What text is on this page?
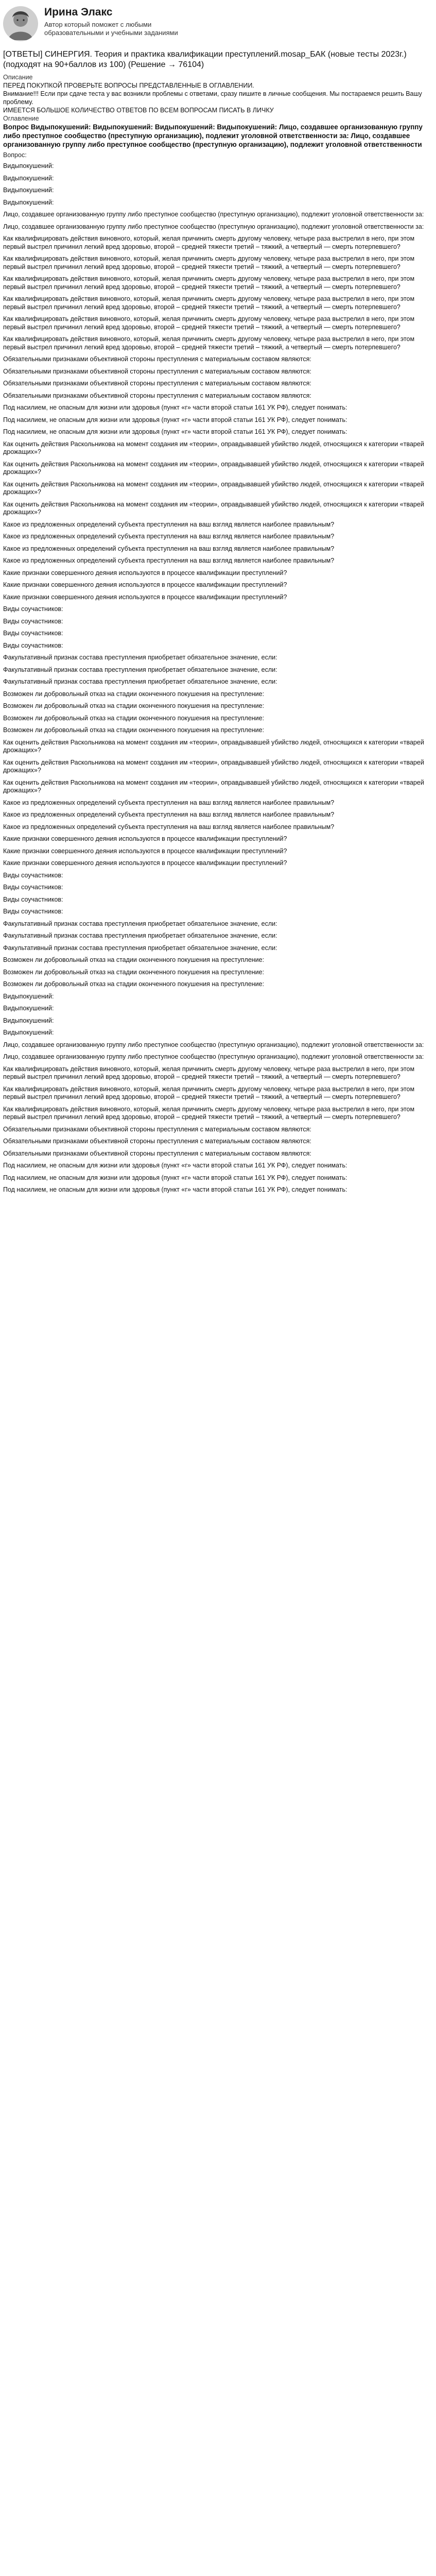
Ирина Элакс
Автор который поможет с любыми образовательными и учебными заданиями
[ОТВЕТЫ] СИНЕРГИЯ. Теория и практика квалификации преступлений.mosap_БАК (новые тесты 2023г.) (подходят на 90+баллов из 100) (Решение → 76104)

Описание

ПЕРЕД ПОКУПКОЙ ПРОВЕРЬТЕ ВОПРОСЫ ПРЕДСТАВЛЕННЫЕ В ОГЛАВЛЕНИИ.

Внимание!!! Если при сдаче теста у вас возникли проблемы с ответами, сразу пишите в личные сообщения. Мы постараемся решить Вашу проблему.

ИМЕЕТСЯ БОЛЬШОЕ КОЛИЧЕСТВО ОТВЕТОВ ПО ВСЕМ ВОПРОСАМ ПИСАТЬ В ЛИЧКУ

Оглавление

Вопрос Видыпокушений: Видыпокушений: Видыпокушений: Видыпокушений: Лицо, создавшее организованную группу либо преступное сообщество (преступную организацию), подлежит уголовной ответственности за: Лицо, создавшее организованную группу либо преступное сообщество (преступную организацию), подлежит уголовной ответственности

Вопрос:

Видыпокушений:

Видыпокушений:

Видыпокушений:

Видыпокушений:

Лицо, создавшее организованную группу либо преступное сообщество (преступную организацию), подлежит уголовной ответственности за:

Лицо, создавшее организованную группу либо преступное сообщество (преступную организацию), подлежит уголовной ответственности за:

Как квалифицировать действия виновного, который, желая причинить смерть другому человеку, четыре раза выстрелил в него, при этом первый выстрел причинил легкий вред здоровью, второй – средней тяжести третий – тяжкий, а четвертый — смерть потерпевшего?

Как квалифицировать действия виновного, который, желая причинить смерть другому человеку, четыре раза выстрелил в него, при этом первый выстрел причинил легкий вред здоровью, второй – средней тяжести третий – тяжкий, а четвертый — смерть потерпевшего?

Как квалифицировать действия виновного, который, желая причинить смерть другому человеку, четыре раза выстрелил в него, при этом первый выстрел причинил легкий вред здоровью, второй – средней тяжести третий – тяжкий, а четвертый — смерть потерпевшего?

Как квалифицировать действия виновного, который, желая причинить смерть другому человеку, четыре раза выстрелил в него, при этом первый выстрел причинил легкий вред здоровью, второй – средней тяжести третий – тяжкий, а четвертый — смерть потерпевшего?

Как квалифицировать действия виновного, который, желая причинить смерть другому человеку, четыре раза выстрелил в него, при этом первый выстрел причинил легкий вред здоровью, второй – средней тяжести третий – тяжкий, а четвертый — смерть потерпевшего?

Как квалифицировать действия виновного, который, желая причинить смерть другому человеку, четыре раза выстрелил в него, при этом первый выстрел причинил легкий вред здоровью, второй – средней тяжести третий – тяжкий, а четвертый — смерть потерпевшего?

Обязательными признаками объективной стороны преступления с материальным составом являются:

Обязательными признаками объективной стороны преступления с материальным составом являются:

Обязательными признаками объективной стороны преступления с материальным составом являются:

Обязательными признаками объективной стороны преступления с материальным составом являются:

Под насилием, не опасным для жизни или здоровья (пункт «г» части второй статьи 161 УК РФ), следует понимать:

Под насилием, не опасным для жизни или здоровья (пункт «г» части второй статьи 161 УК РФ), следует понимать:

Под насилием, не опасным для жизни или здоровья (пункт «г» части второй статьи 161 УК РФ), следует понимать:

Как оценить действия Раскольникова на момент создания им «теории», оправдывавшей убийство людей, относящихся к категории «тварей дрожащих»?

Как оценить действия Раскольникова на момент создания им «теории», оправдывавшей убийство людей, относящихся к категории «тварей дрожащих»?

Как оценить действия Раскольникова на момент создания им «теории», оправдывавшей убийство людей, относящихся к категории «тварей дрожащих»?

Как оценить действия Раскольникова на момент создания им «теории», оправдывавшей убийство людей, относящихся к категории «тварей дрожащих»?

Какое из предложенных определений субъекта преступления на ваш взгляд является наиболее правильным?

Какое из предложенных определений субъекта преступления на ваш взгляд является наиболее правильным?

Какое из предложенных определений субъекта преступления на ваш взгляд является наиболее правильным?

Какое из предложенных определений субъекта преступления на ваш взгляд является наиболее правильным?

Какие признаки совершенного деяния используются в процессе квалификации преступлений?

Какие признаки совершенного деяния используются в процессе квалификации преступлений?

Какие признаки совершенного деяния используются в процессе квалификации преступлений?

Виды соучастников:

Виды соучастников:

Виды соучастников:

Виды соучастников:

Факультативный признак состава преступления приобретает обязательное значение, если:

Факультативный признак состава преступления приобретает обязательное значение, если:

Факультативный признак состава преступления приобретает обязательное значение, если:

Возможен ли добровольный отказ на стадии оконченного покушения на преступление:

Возможен ли добровольный отказ на стадии оконченного покушения на преступление:

Возможен ли добровольный отказ на стадии оконченного покушения на преступление:

Возможен ли добровольный отказ на стадии оконченного покушения на преступление:

Как оценить действия Раскольникова на момент создания им «теории», оправдывавшей убийство людей, относящихся к категории «тварей дрожащих»?

Как оценить действия Раскольникова на момент создания им «теории», оправдывавшей убийство людей, относящихся к категории «тварей дрожащих»?

Как оценить действия Раскольникова на момент создания им «теории», оправдывавшей убийство людей, относящихся к категории «тварей дрожащих»?

Какое из предложенных определений субъекта преступления на ваш взгляд является наиболее правильным?

Какое из предложенных определений субъекта преступления на ваш взгляд является наиболее правильным?

Какое из предложенных определений субъекта преступления на ваш взгляд является наиболее правильным?

Какие признаки совершенного деяния используются в процессе квалификации преступлений?

Какие признаки совершенного деяния используются в процессе квалификации преступлений?

Какие признаки совершенного деяния используются в процессе квалификации преступлений?

Виды соучастников:

Виды соучастников:

Виды соучастников:

Виды соучастников:

Факультативный признак состава преступления приобретает обязательное значение, если:

Факультативный признак состава преступления приобретает обязательное значение, если:

Факультативный признак состава преступления приобретает обязательное значение, если:

Возможен ли добровольный отказ на стадии оконченного покушения на преступление:

Возможен ли добровольный отказ на стадии оконченного покушения на преступление:

Возможен ли добровольный отказ на стадии оконченного покушения на преступление:

Видыпокушений:

Видыпокушений:

Видыпокушений:

Видыпокушений:

Лицо, создавшее организованную группу либо преступное сообщество (преступную организацию), подлежит уголовной ответственности за:

Лицо, создавшее организованную группу либо преступное сообщество (преступную организацию), подлежит уголовной ответственности за:

Как квалифицировать действия виновного, который, желая причинить смерть другому человеку, четыре раза выстрелил в него, при этом первый выстрел причинил легкий вред здоровью, второй – средней тяжести третий – тяжкий, а четвертый — смерть потерпевшего?

Как квалифицировать действия виновного, который, желая причинить смерть другому человеку, четыре раза выстрелил в него, при этом первый выстрел причинил легкий вред здоровью, второй – средней тяжести третий – тяжкий, а четвертый — смерть потерпевшего?

Как квалифицировать действия виновного, который, желая причинить смерть другому человеку, четыре раза выстрелил в него, при этом первый выстрел причинил легкий вред здоровью, второй – средней тяжести третий – тяжкий, а четвертый — смерть потерпевшего?

Обязательными признаками объективной стороны преступления с материальным составом являются:

Обязательными признаками объективной стороны преступления с материальным составом являются:

Обязательными признаками объективной стороны преступления с материальным составом являются:

Под насилием, не опасным для жизни или здоровья (пункт «г» части второй статьи 161 УК РФ), следует понимать:

Под насилием, не опасным для жизни или здоровья (пункт «г» части второй статьи 161 УК РФ), следует понимать:

Под насилием, не опасным для жизни или здоровья (пункт «г» части второй статьи 161 УК РФ), следует понимать:
